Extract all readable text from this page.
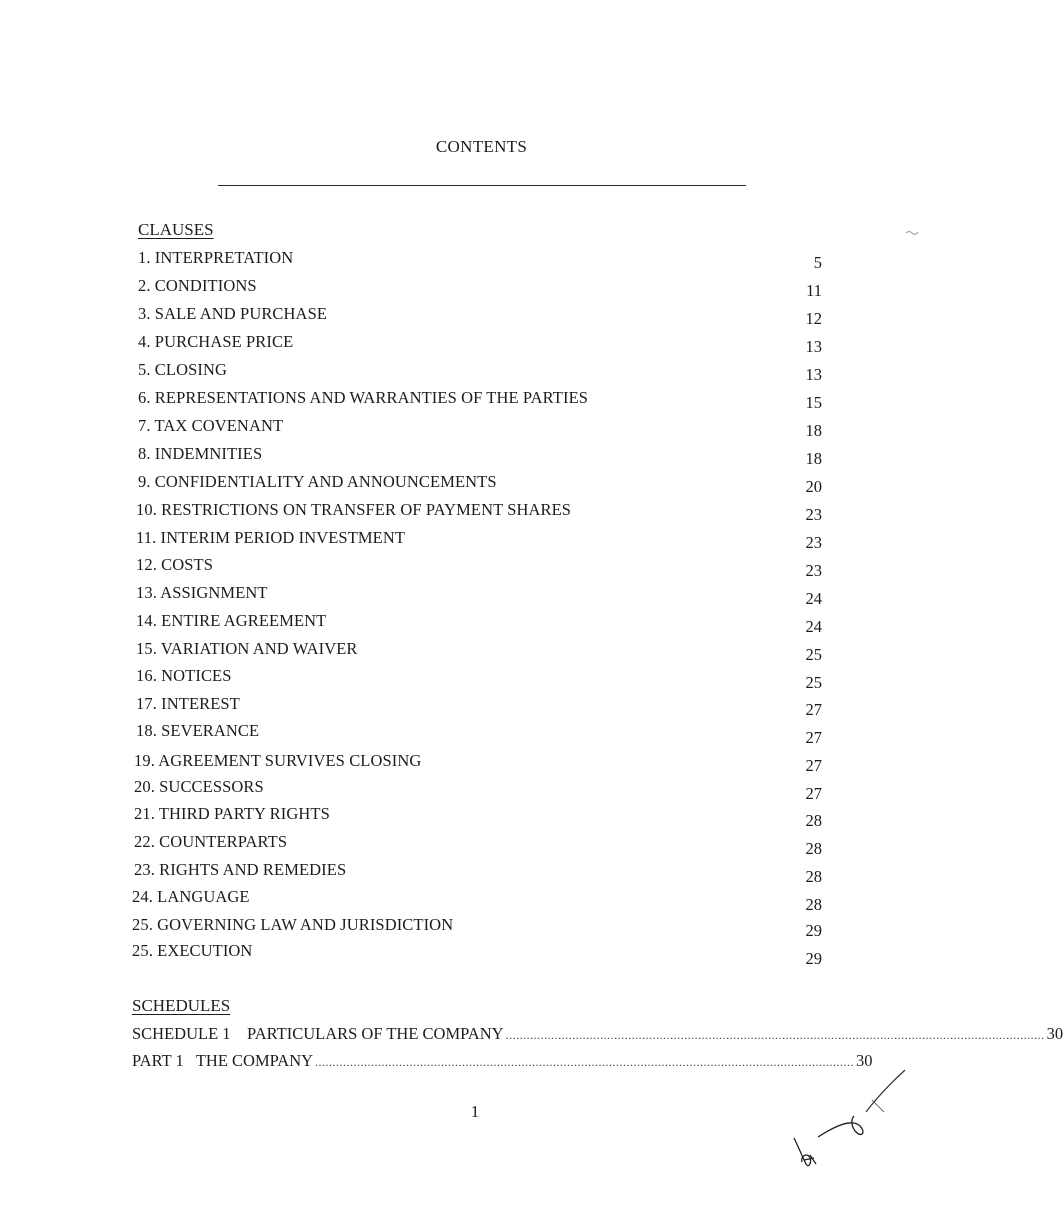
CONTENTS
CLAUSES
1. INTERPRETATION	5
2. CONDITIONS	11
3. SALE AND PURCHASE	12
4. PURCHASE PRICE	13
5. CLOSING	13
6. REPRESENTATIONS AND WARRANTIES OF THE PARTIES	15
7. TAX COVENANT	18
8. INDEMNITIES	18
9. CONFIDENTIALITY AND ANNOUNCEMENTS	20
10. RESTRICTIONS ON TRANSFER OF PAYMENT SHARES	23
11. INTERIM PERIOD INVESTMENT	23
12. COSTS	23
13. ASSIGNMENT	24
14. ENTIRE AGREEMENT	24
15. VARIATION AND WAIVER	25
16. NOTICES	25
17. INTEREST	27
18. SEVERANCE	27
19. AGREEMENT SURVIVES CLOSING	27
20. SUCCESSORS	27
21. THIRD PARTY RIGHTS	28
22. COUNTERPARTS	28
23. RIGHTS AND REMEDIES	28
24. LANGUAGE	28
25. GOVERNING LAW AND JURISDICTION	29
25. EXECUTION	29
SCHEDULES
SCHEDULE 1    PARTICULARS OF THE COMPANY .......................................................................................................................................................... 30
PART 1   THE COMPANY .......................................................................................................................................................... 30
1
